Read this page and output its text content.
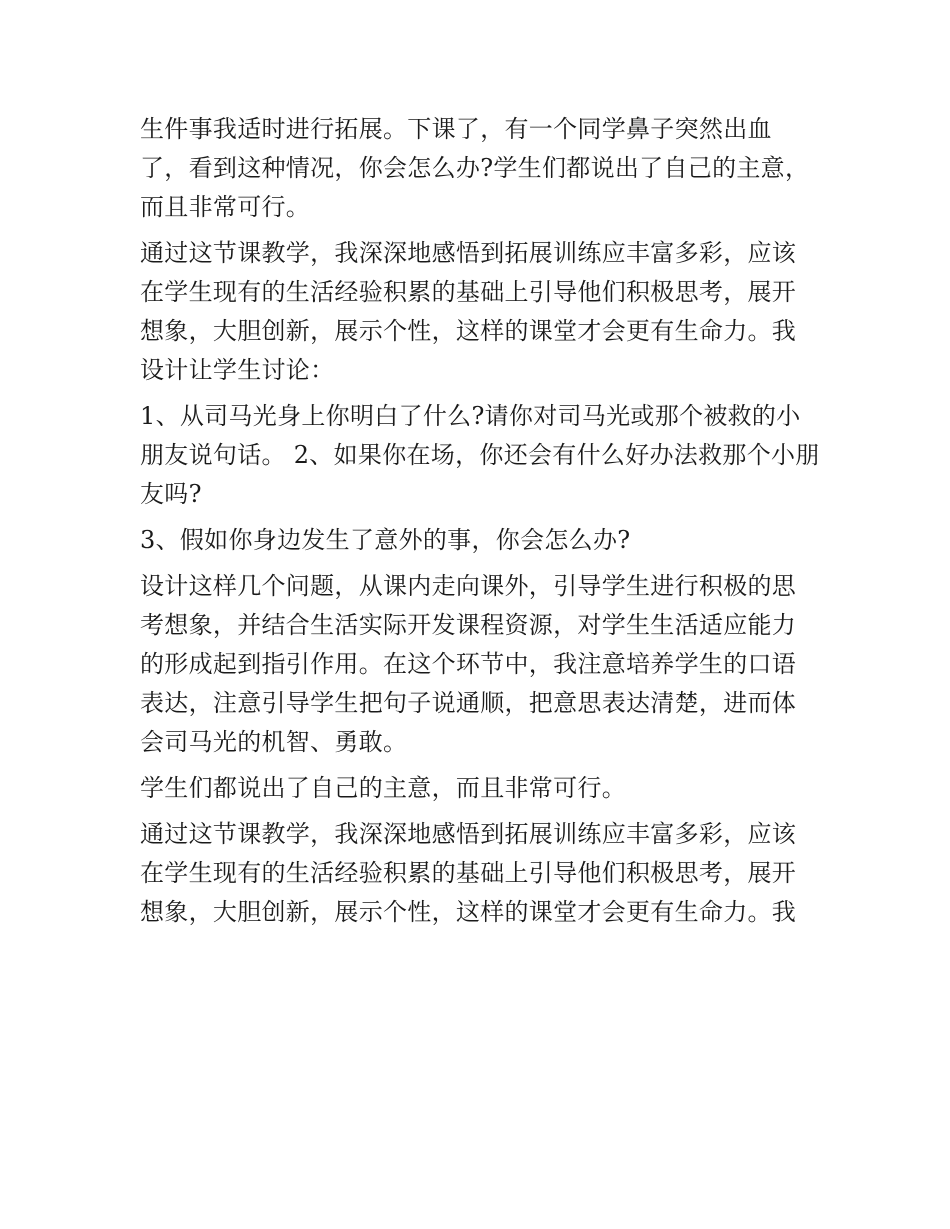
生件事我适时进行拓展。下课了，有一个同学鼻子突然出血了，看到这种情况，你会怎么办?学生们都说出了自己的主意，而且非常可行。

通过这节课教学，我深深地感悟到拓展训练应丰富多彩，应该在学生现有的生活经验积累的基础上引导他们积极思考，展开想象，大胆创新，展示个性，这样的课堂才会更有生命力。我设计让学生讨论：

1、从司马光身上你明白了什么?请你对司马光或那个被救的小朋友说句话。 2、如果你在场，你还会有什么好办法救那个小朋友吗?

3、假如你身边发生了意外的事，你会怎么办?

设计这样几个问题，从课内走向课外，引导学生进行积极的思考想象，并结合生活实际开发课程资源，对学生生活适应能力的形成起到指引作用。在这个环节中，我注意培养学生的口语表达，注意引导学生把句子说通顺，把意思表达清楚，进而体会司马光的机智、勇敢。

学生们都说出了自己的主意，而且非常可行。

通过这节课教学，我深深地感悟到拓展训练应丰富多彩，应该在学生现有的生活经验积累的基础上引导他们积极思考，展开想象，大胆创新，展示个性，这样的课堂才会更有生命力。我
